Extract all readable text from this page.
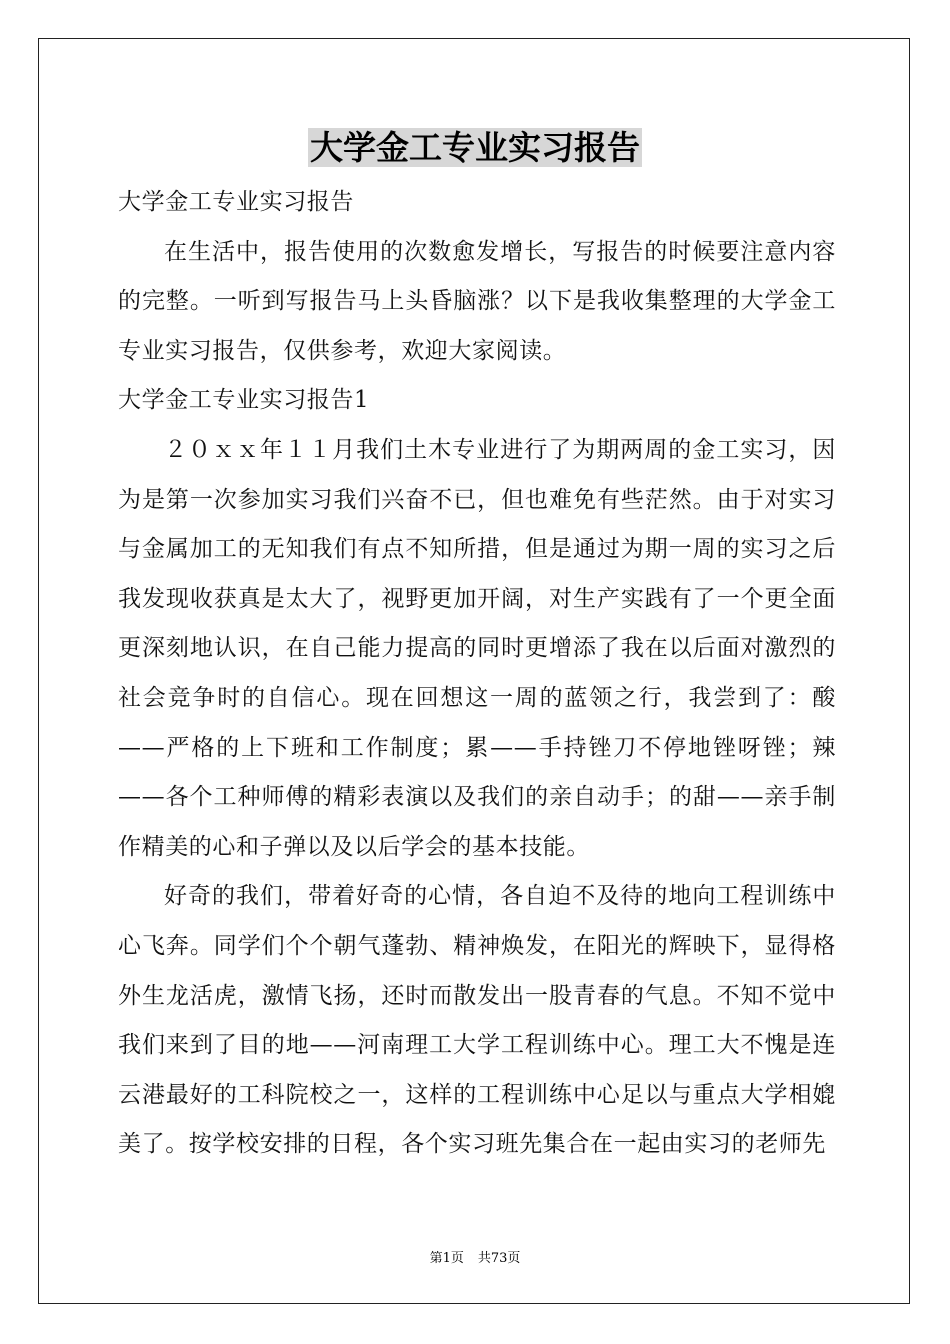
大学金工专业实习报告

大学金工专业实习报告

在生活中，报告使用的次数愈发增长，写报告的时候要注意内容的完整。一听到写报告马上头昏脑涨？以下是我收集整理的大学金工专业实习报告，仅供参考，欢迎大家阅读。

大学金工专业实习报告1

２０ｘｘ年１１月我们土木专业进行了为期两周的金工实习，因为是第一次参加实习我们兴奋不已，但也难免有些茫然。由于对实习与金属加工的无知我们有点不知所措，但是通过为期一周的实习之后我发现收获真是太大了，视野更加开阔，对生产实践有了一个更全面更深刻地认识，在自己能力提高的同时更增添了我在以后面对激烈的社会竞争时的自信心。现在回想这一周的蓝领之行，我尝到了：酸——严格的上下班和工作制度；累——手持锉刀不停地锉呀锉；辣——各个工种师傅的精彩表演以及我们的亲自动手；的甜——亲手制作精美的心和子弹以及以后学会的基本技能。

好奇的我们，带着好奇的心情，各自迫不及待的地向工程训练中心飞奔。同学们个个朝气蓬勃、精神焕发，在阳光的辉映下，显得格外生龙活虎，激情飞扬，还时而散发出一股青春的气息。不知不觉中我们来到了目的地——河南理工大学工程训练中心。理工大不愧是连云港最好的工科院校之一，这样的工程训练中心足以与重点大学相媲美了。按学校安排的日程，各个实习班先集合在一起由实习的老师先

第1页 共73页
